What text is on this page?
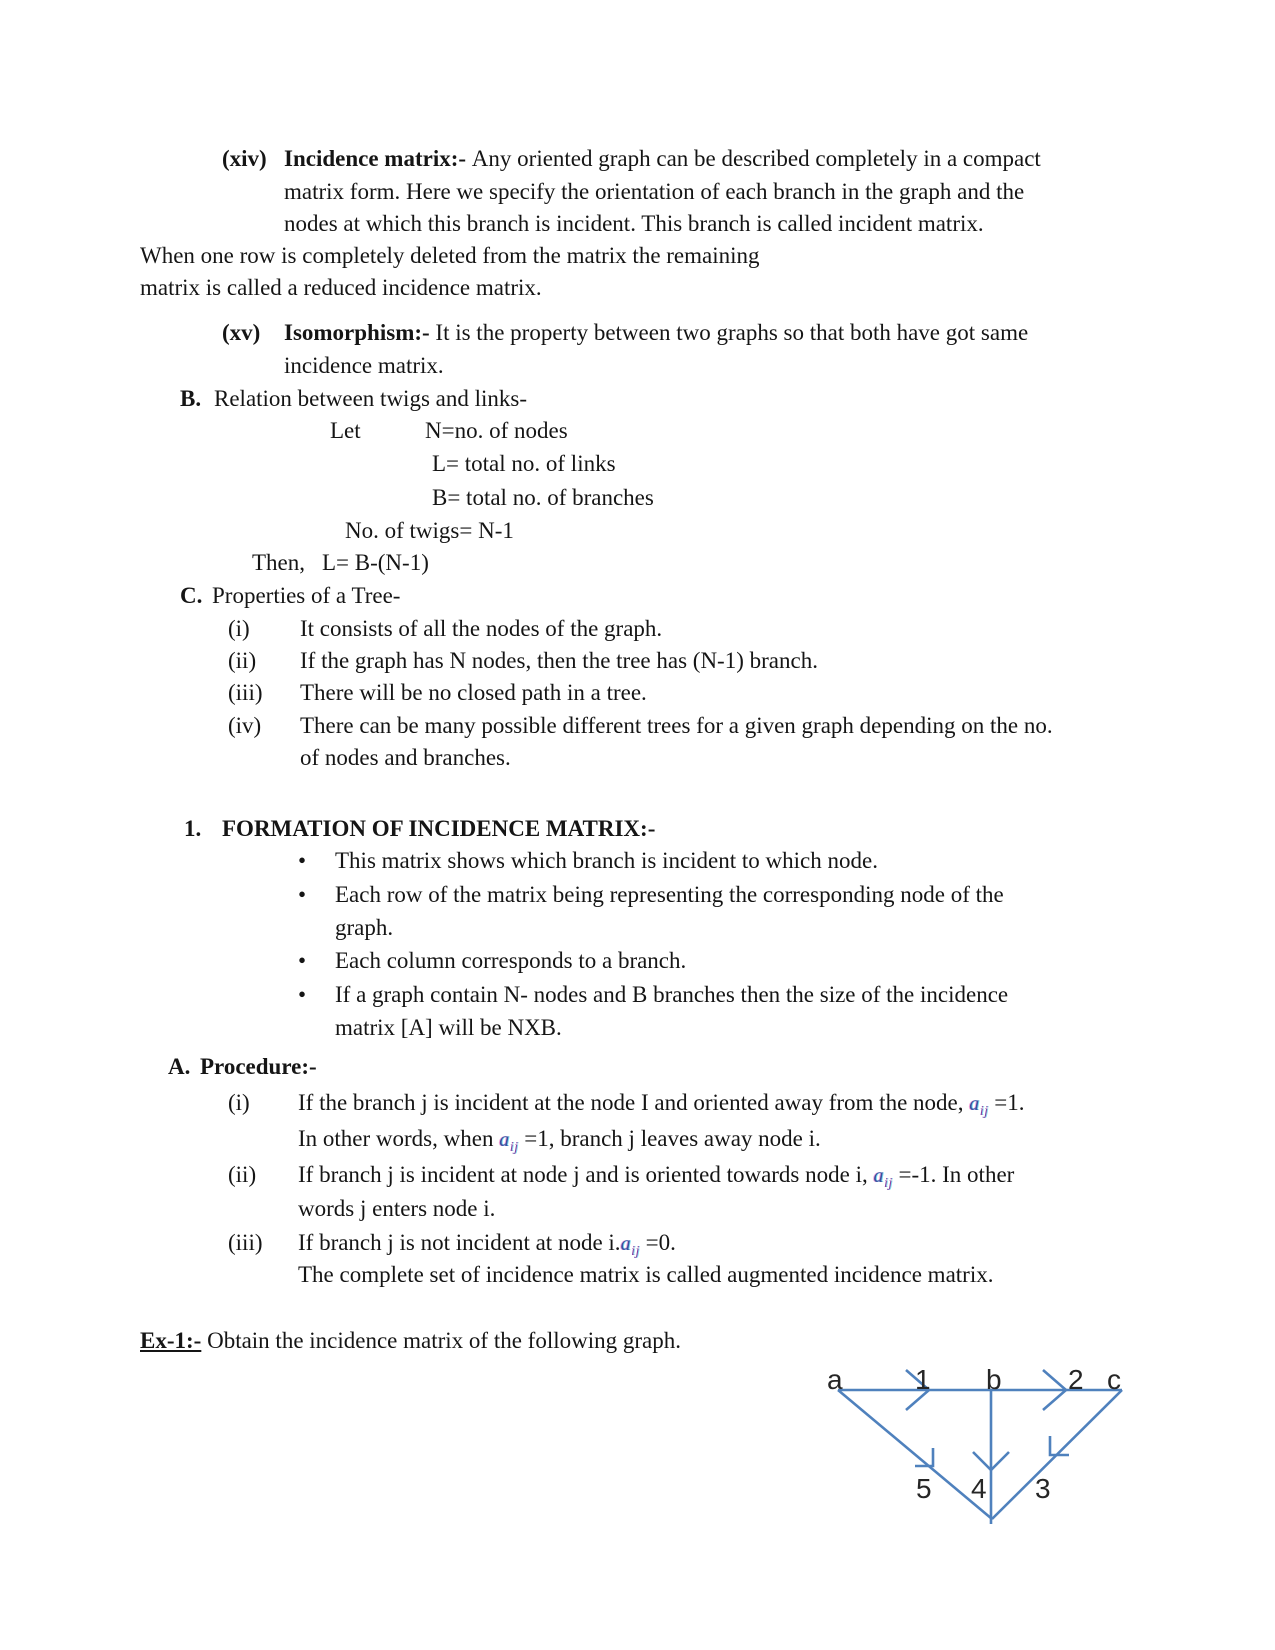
(xiv) Incidence matrix:- Any oriented graph can be described completely in a compact
matrix form. Here we specify the orientation of each branch in the graph and the
nodes at which this branch is incident. This branch is called incident matrix.
When one row is completely deleted from the matrix the remaining
matrix is called a reduced incidence matrix.
(xv) Isomorphism:- It is the property between two graphs so that both have got same
incidence matrix.
B. Relation between twigs and links-
Let	N=no. of nodes
L= total no. of links
B= total no. of branches
No. of twigs= N-1
Then, L= B-(N-1)
C. Properties of a Tree-
(i) It consists of all the nodes of the graph.
(ii) If the graph has N nodes, then the tree has (N-1) branch.
(iii) There will be no closed path in a tree.
(iv) There can be many possible different trees for a given graph depending on the no.
of nodes and branches.
1. FORMATION OF INCIDENCE MATRIX:-
• This matrix shows which branch is incident to which node.
• Each row of the matrix being representing the corresponding node of the
graph.
• Each column corresponds to a branch.
• If a graph contain N- nodes and B branches then the size of the incidence
matrix [A] will be NXB.
A. Procedure:-
(i) If the branch j is incident at the node I and oriented away from the node, $a_{ij} =1$.
In other words, when $a_{ij} =1$, branch j leaves away node i.
(ii) If branch j is incident at node j and is oriented towards node i, $a_{ij} =-1$. In other
words j enters node i.
(iii) If branch j is not incident at node $i.a_{ij} =0$.
The complete set of incidence matrix is called augmented incidence matrix.
Ex-1:- Obtain the incidence matrix of the following graph.
a	b	c
1	2
5 4 3
